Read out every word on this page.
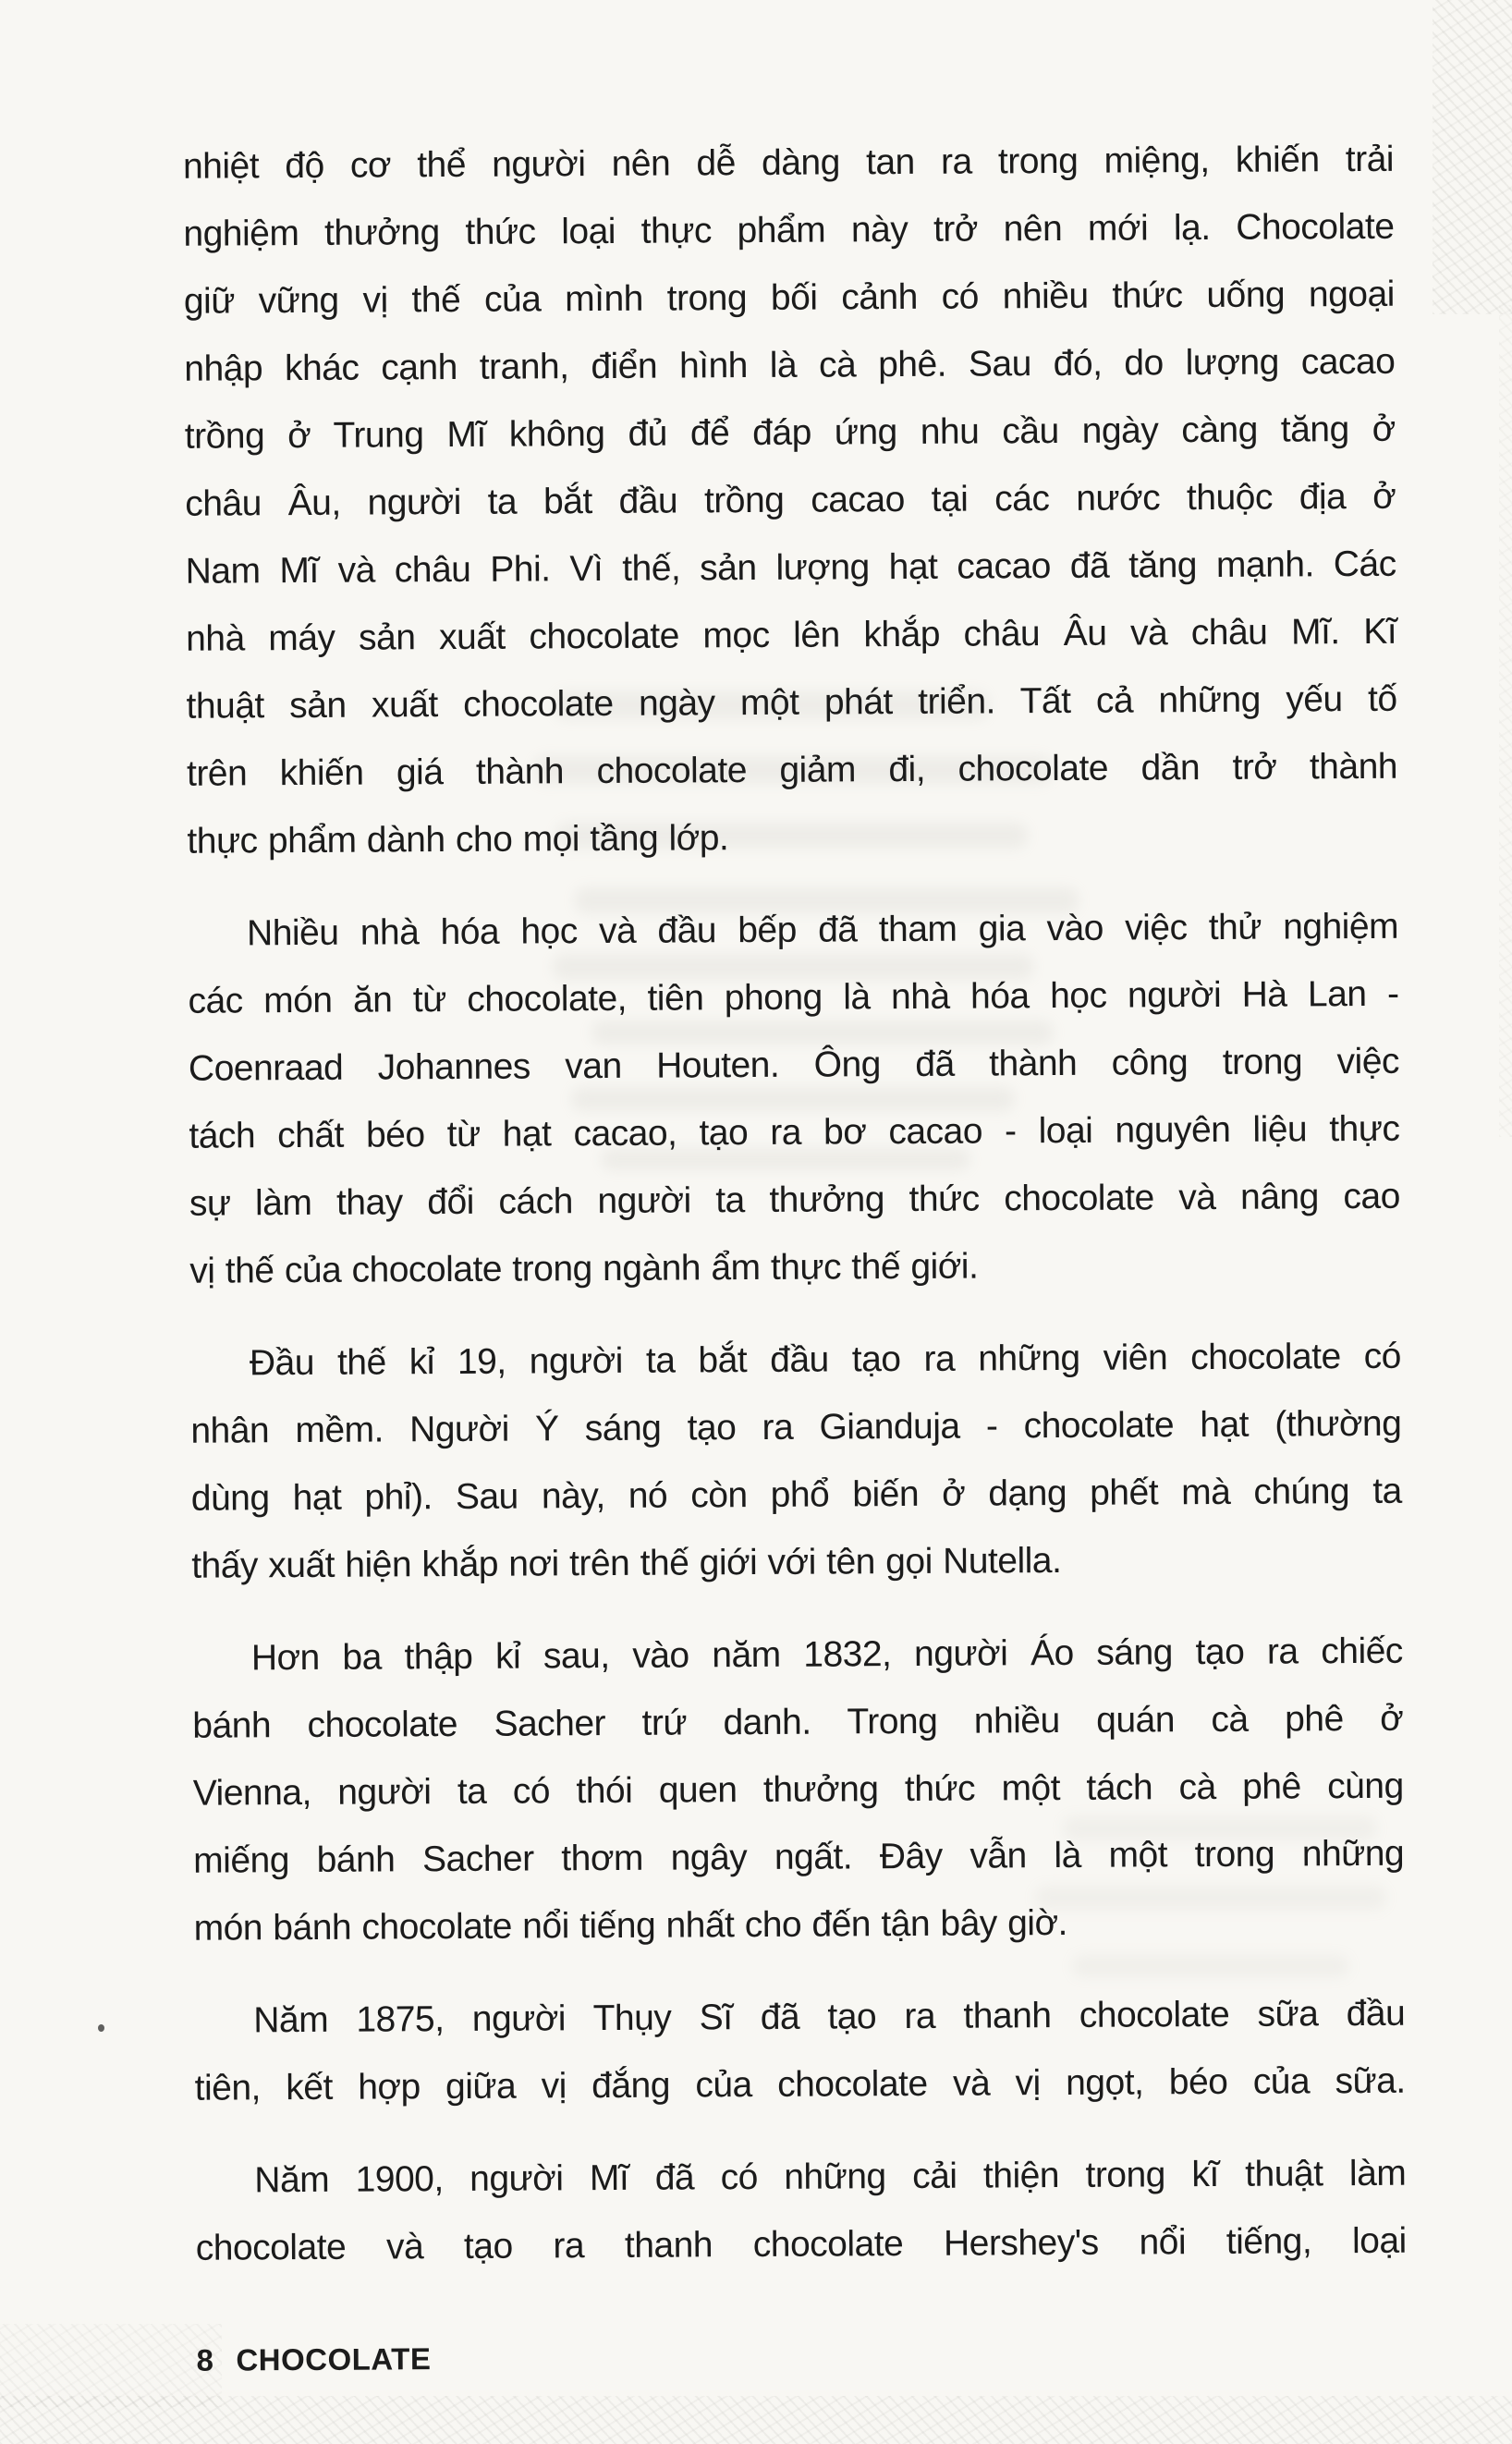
nhiệt độ cơ thể người nên dễ dàng tan ra trong miệng, khiến trải
nghiệm thưởng thức loại thực phẩm này trở nên mới lạ. Chocolate
giữ vững vị thế của mình trong bối cảnh có nhiều thức uống ngoại
nhập khác cạnh tranh, điển hình là cà phê. Sau đó, do lượng cacao
trồng ở Trung Mĩ không đủ để đáp ứng nhu cầu ngày càng tăng ở
châu Âu, người ta bắt đầu trồng cacao tại các nước thuộc địa ở
Nam Mĩ và châu Phi. Vì thế, sản lượng hạt cacao đã tăng mạnh. Các
nhà máy sản xuất chocolate mọc lên khắp châu Âu và châu Mĩ. Kĩ
thuật sản xuất chocolate ngày một phát triển. Tất cả những yếu tố
trên khiến giá thành chocolate giảm đi, chocolate dần trở thành
thực phẩm dành cho mọi tầng lớp.
Nhiều nhà hóa học và đầu bếp đã tham gia vào việc thử nghiệm
các món ăn từ chocolate, tiên phong là nhà hóa học người Hà Lan -
Coenraad Johannes van Houten. Ông đã thành công trong việc
tách chất béo từ hạt cacao, tạo ra bơ cacao - loại nguyên liệu thực
sự làm thay đổi cách người ta thưởng thức chocolate và nâng cao
vị thế của chocolate trong ngành ẩm thực thế giới.
Đầu thế kỉ 19, người ta bắt đầu tạo ra những viên chocolate có
nhân mềm. Người Ý sáng tạo ra Gianduja - chocolate hạt (thường
dùng hạt phỉ). Sau này, nó còn phổ biến ở dạng phết mà chúng ta
thấy xuất hiện khắp nơi trên thế giới với tên gọi Nutella.
Hơn ba thập kỉ sau, vào năm 1832, người Áo sáng tạo ra chiếc
bánh chocolate Sacher trứ danh. Trong nhiều quán cà phê ở
Vienna, người ta có thói quen thưởng thức một tách cà phê cùng
miếng bánh Sacher thơm ngây ngất. Đây vẫn là một trong những
món bánh chocolate nổi tiếng nhất cho đến tận bây giờ.
Năm 1875, người Thụy Sĩ đã tạo ra thanh chocolate sữa đầu
tiên, kết hợp giữa vị đắng của chocolate và vị ngọt, béo của sữa.
Năm 1900, người Mĩ đã có những cải thiện trong kĩ thuật làm
chocolate và tạo ra thanh chocolate Hershey's nổi tiếng, loại
8 CHOCOLATE
